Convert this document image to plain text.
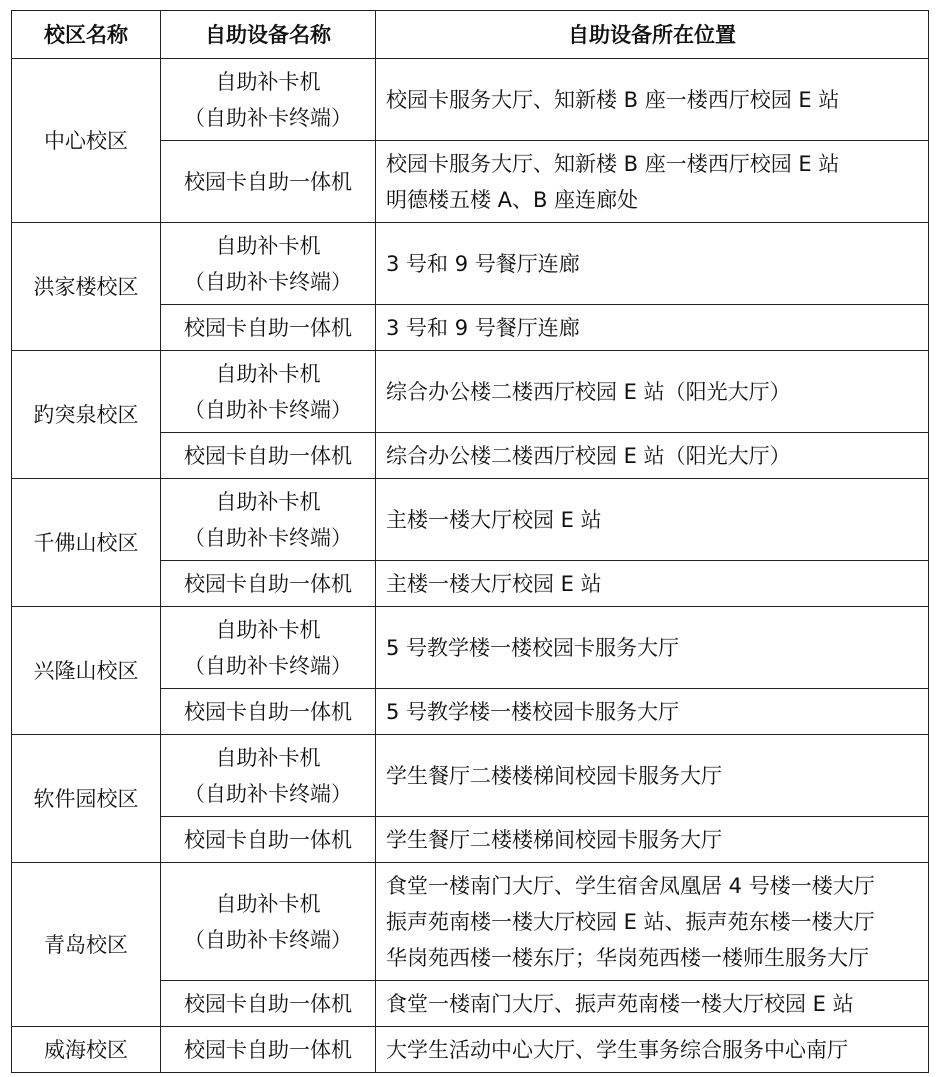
校区名称	自助设备名称	自助设备所在位置
中心校区	自助补卡机
（自助补卡终端）	校园卡服务大厅、知新楼 B 座一楼西厅校园 E 站

	校园卡自助一体机	校园卡服务大厅、知新楼 B 座一楼西厅校园 E 站
明德楼五楼 A、B 座连廊处

洪家楼校区	自助补卡机
（自助补卡终端）	3 号和 9 号餐厅连廊

	校园卡自助一体机	3 号和 9 号餐厅连廊

趵突泉校区	自助补卡机
（自助补卡终端）	综合办公楼二楼西厅校园 E 站（阳光大厅）

	校园卡自助一体机	综合办公楼二楼西厅校园 E 站（阳光大厅）

千佛山校区	自助补卡机
（自助补卡终端）	主楼一楼大厅校园 E 站

	校园卡自助一体机	主楼一楼大厅校园 E 站

兴隆山校区	自助补卡机
（自助补卡终端）	5 号教学楼一楼校园卡服务大厅

	校园卡自助一体机	5 号教学楼一楼校园卡服务大厅

软件园校区	自助补卡机
（自助补卡终端）	学生餐厅二楼楼梯间校园卡服务大厅

	校园卡自助一体机	学生餐厅二楼楼梯间校园卡服务大厅

青岛校区	自助补卡机
（自助补卡终端）	食堂一楼南门大厅、学生宿舍凤凰居 4 号楼一楼大厅
振声苑南楼一楼大厅校园 E 站、振声苑东楼一楼大厅
华岗苑西楼一楼东厅；华岗苑西楼一楼师生服务大厅

	校园卡自助一体机	食堂一楼南门大厅、振声苑南楼一楼大厅校园 E 站

威海校区	校园卡自助一体机	大学生活动中心大厅、学生事务综合服务中心南厅
